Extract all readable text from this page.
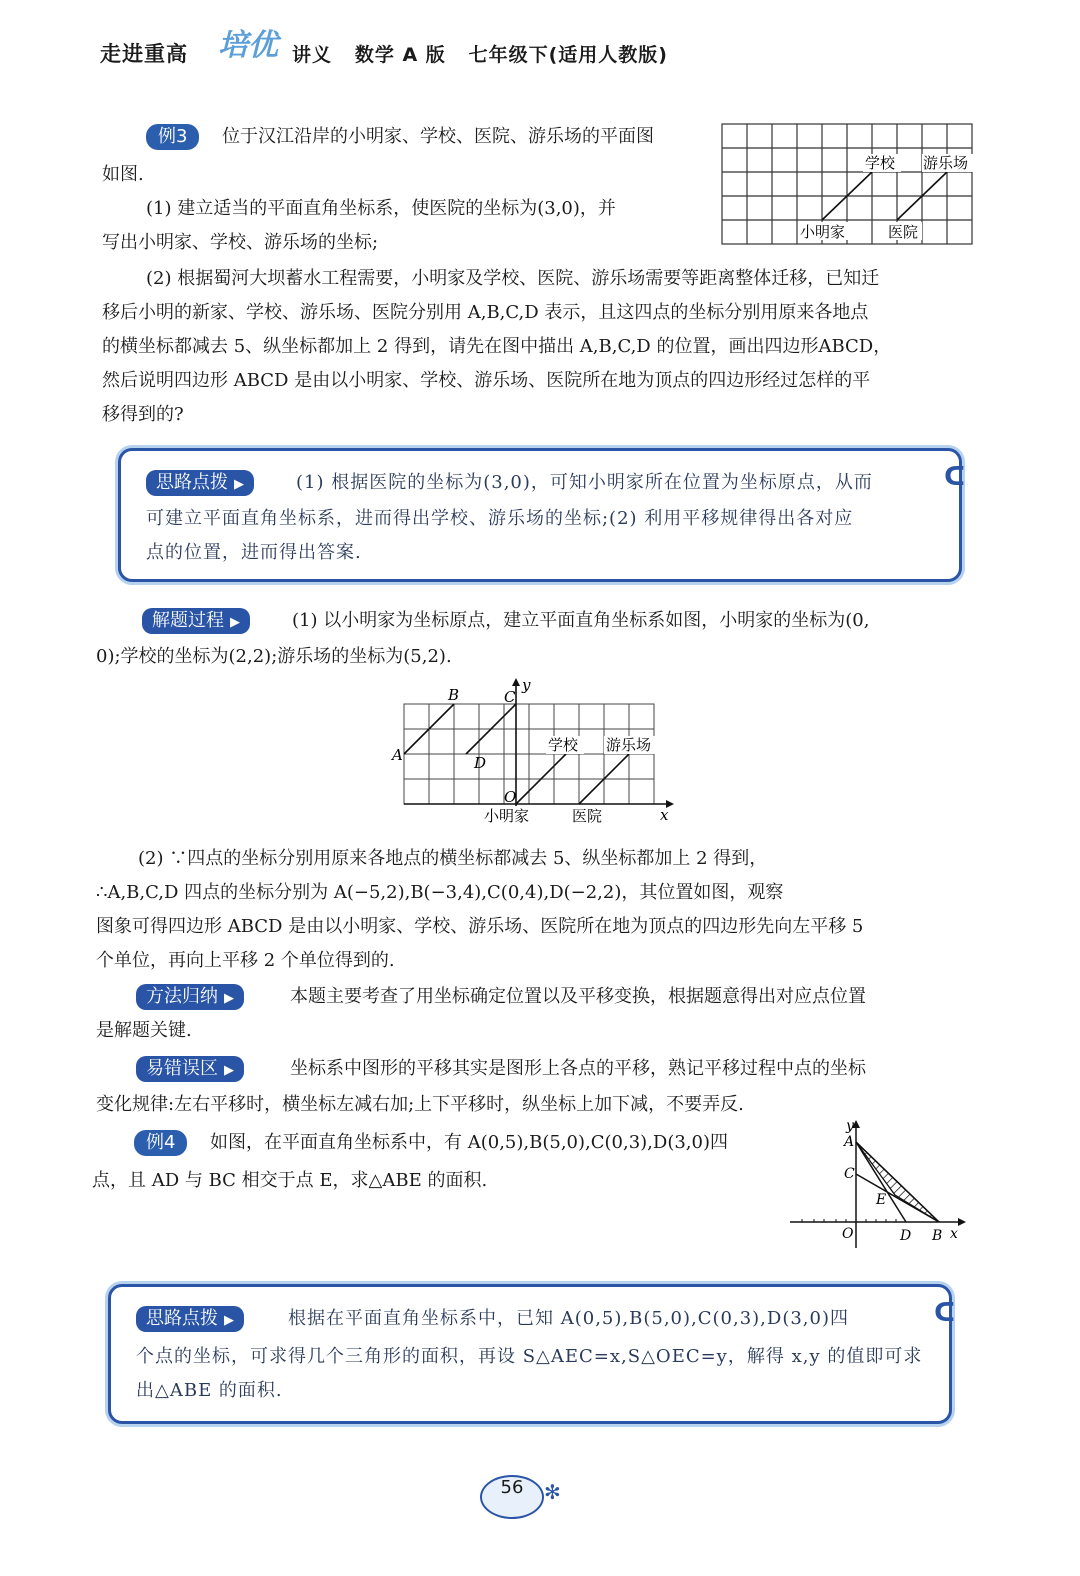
走进重高 培优 讲义   数学 A 版   七年级下(适用人教版)
例3	位于汉江沿岸的小明家、学校、医院、游乐场的平面图
如图.
(1) 建立适当的平面直角坐标系，使医院的坐标为(3,0)，并
写出小明家、学校、游乐场的坐标;
(2) 根据蜀河大坝蓄水工程需要，小明家及学校、医院、游乐场需要等距离整体迁移，已知迁
移后小明的新家、学校、游乐场、医院分别用 A,B,C,D 表示，且这四点的坐标分别用原来各地点
的横坐标都减去 5、纵坐标都加上 2 得到，请先在图中描出 A,B,C,D 的位置，画出四边形ABCD，
然后说明四边形 ABCD 是由以小明家、学校、游乐场、医院所在地为顶点的四边形经过怎样的平
移得到的?
学校 游乐场
小明家	医院
ᑕ
思路点拨 ▶	(1) 根据医院的坐标为(3,0)，可知小明家所在位置为坐标原点，从而
可建立平面直角坐标系，进而得出学校、游乐场的坐标;(2) 利用平移规律得出各对应
点的位置，进而得出答案.
解题过程 ▶	(1) 以小明家为坐标原点，建立平面直角坐标系如图，小明家的坐标为(0,
0);学校的坐标为(2,2);游乐场的坐标为(5,2).
A
B	C
D
O
x
y
学校 游乐场
小明家	医院
(2) ∵四点的坐标分别用原来各地点的横坐标都减去 5、纵坐标都加上 2 得到，
∴A,B,C,D 四点的坐标分别为 A(−5,2),B(−3,4),C(0,4),D(−2,2)，其位置如图，观察
图象可得四边形 ABCD 是由以小明家、学校、游乐场、医院所在地为顶点的四边形先向左平移 5
个单位，再向上平移 2 个单位得到的.
方法归纳 ▶	本题主要考查了用坐标确定位置以及平移变换，根据题意得出对应点位置
是解题关键.
易错误区 ▶	坐标系中图形的平移其实是图形上各点的平移，熟记平移过程中点的坐标
变化规律:左右平移时，横坐标左减右加;上下平移时，纵坐标上加下减，不要弄反.
例4	如图，在平面直角坐标系中，有 A(0,5),B(5,0),C(0,3),D(3,0)四
点，且 AD 与 BC 相交于点 E，求△ABE 的面积.
A
C
E
O	D B x
y
ᑕ
思路点拨 ▶	根据在平面直角坐标系中，已知 A(0,5),B(5,0),C(0,3),D(3,0)四
个点的坐标，可求得几个三角形的面积，再设 S△AEC=x,S△OEC=y，解得 x,y 的值即可求
出△ABE 的面积.
56	✻
